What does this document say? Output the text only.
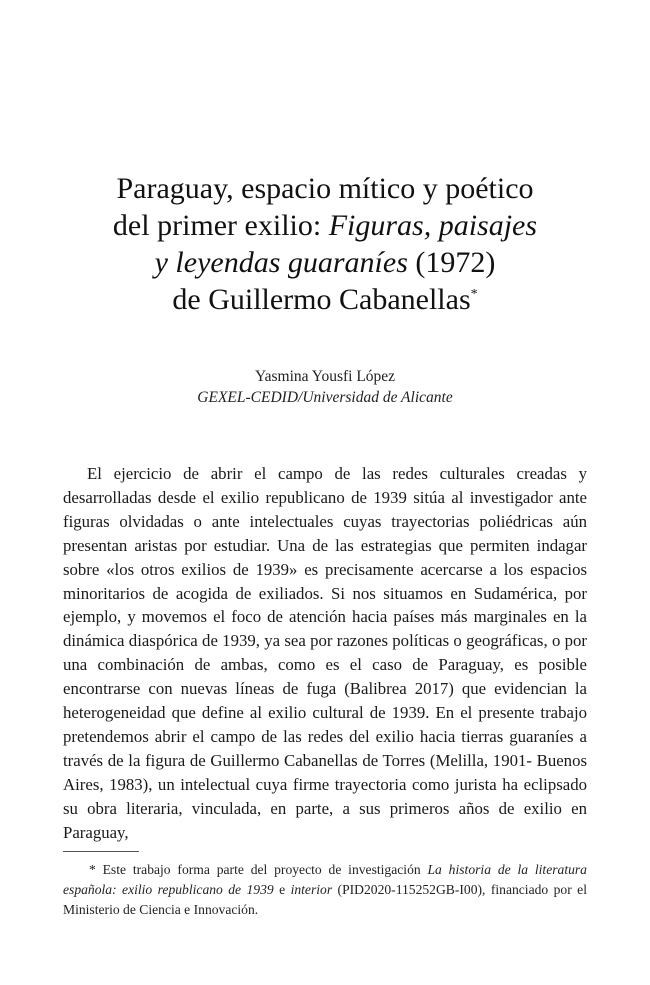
Paraguay, espacio mítico y poético
del primer exilio: Figuras, paisajes
y leyendas guaraníes (1972)
de Guillermo Cabanellas*
Yasmina Yousfi López
GEXEL-CEDID/Universidad de Alicante
El ejercicio de abrir el campo de las redes culturales creadas y desarrolladas desde el exilio republicano de 1939 sitúa al investigador ante figuras olvidadas o ante intelectuales cuyas trayectorias poliédricas aún presentan aristas por estudiar. Una de las estrategias que permiten indagar sobre «los otros exilios de 1939» es precisamente acercarse a los espacios minoritarios de acogida de exiliados. Si nos situamos en Sudamérica, por ejemplo, y movemos el foco de atención hacia países más marginales en la dinámica diaspórica de 1939, ya sea por razones políticas o geográficas, o por una combinación de ambas, como es el caso de Paraguay, es posible encontrarse con nuevas líneas de fuga (Balibrea 2017) que evidencian la heterogeneidad que define al exilio cultural de 1939. En el presente trabajo pretendemos abrir el campo de las redes del exilio hacia tierras guaraníes a través de la figura de Guillermo Cabanellas de Torres (Melilla, 1901- Buenos Aires, 1983), un intelectual cuya firme trayectoria como jurista ha eclipsado su obra literaria, vinculada, en parte, a sus primeros años de exilio en Paraguay,
* Este trabajo forma parte del proyecto de investigación La historia de la literatura española: exilio republicano de 1939 e interior (PID2020-115252GB-I00), financiado por el Ministerio de Ciencia e Innovación.
